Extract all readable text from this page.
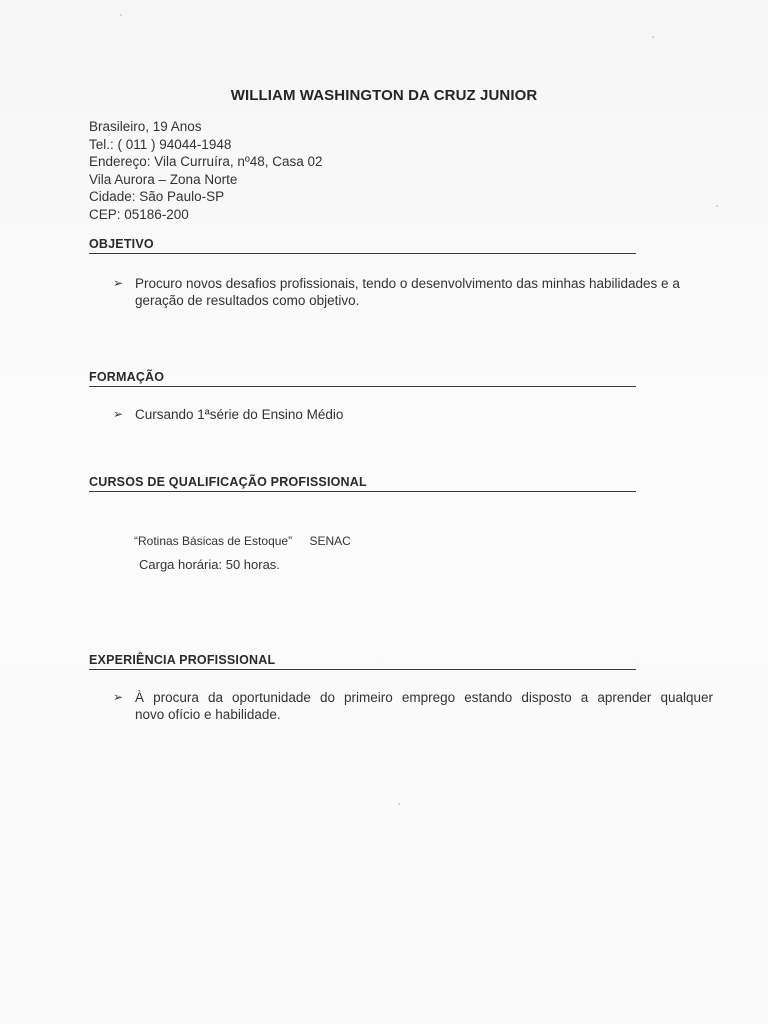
WILLIAM WASHINGTON DA CRUZ JUNIOR
Brasileiro, 19 Anos
Tel.: ( 011 ) 94044-1948
Endereço: Vila Curruíra, nº48, Casa 02
Vila Aurora – Zona Norte
Cidade: São Paulo-SP
CEP: 05186-200
OBJETIVO
➢ Procuro novos desafios profissionais, tendo o desenvolvimento das minhas habilidades e a
geração de resultados como objetivo.
FORMAÇÃO
➢ Cursando 1ªsérie do Ensino Médio
CURSOS DE QUALIFICAÇÃO PROFISSIONAL
“Rotinas Básicas de Estoque” SENAC
Carga horária: 50 horas.
EXPERIÊNCIA PROFISSIONAL
➢ À procura da oportunidade do primeiro emprego estando disposto a aprender qualquer
novo ofício e habilidade.
